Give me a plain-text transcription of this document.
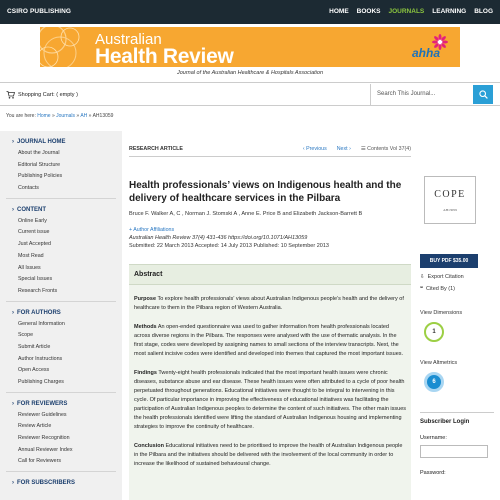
CSIRO PUBLISHING	HOME BOOKS JOURNALS LEARNING BLOG
Australian
Health Review	ahha
Journal of the Australian Healthcare & Hospitals Association
Shopping Cart: ( empty )	Search This Journal...
You are here: Home » Journals » AH » AH13059
› JOURNAL HOME
About the Journal
Editorial Structure
Publishing Policies
Contacts
› CONTENT
Online Early
Current issue
Just Accepted
Most Read
All Issues
Special Issues
Research Fronts
› FOR AUTHORS
General Information
Scope
Submit Article
Author Instructions
Open Access
Publishing Charges
› FOR REVIEWERS
Reviewer Guidelines
Review Article
Reviewer Recognition
Annual Reviewer Index
Call for Reviewers
› FOR SUBSCRIBERS
RESEARCH ARTICLE	‹ Previous Next › ☰ Contents Vol 37(4)
Health professionals’ views on Indigenous health and the delivery of healthcare services in the Pilbara
Bruce F. Walker A, C , Norman J. Stomski A , Anne E. Price B and Elizabeth Jackson-Barrett B
+ Author Affiliations
Australian Health Review 37(4) 431-436 https://doi.org/10.1071/AH13059
Submitted: 22 March 2013 Accepted: 14 July 2013 Published: 10 September 2013
Abstract

Purpose To explore health professionals’ views about Australian Indigenous people’s health and the delivery of healthcare to them in the Pilbara region of Western Australia.

Methods An open-ended questionnaire was used to gather information from health professionals located across diverse regions in the Pilbara. The responses were analysed with the use of thematic analysis. In the first stage, codes were developed by assigning names to small sections of the interview transcripts. Next, the most salient incisive codes were identified and developed into themes that captured the most important issues.

Findings Twenty-eight health professionals indicated that the most important health issues were chronic diseases, substance abuse and ear disease. These health issues were often attributed to a cycle of poor health perpetuated throughout generations. Educational initiatives were thought to be integral to intervening in this cycle. Of particular importance in improving the effectiveness of educational initiatives was facilitating the participation of Australian Indigenous peoples to determine the content of such initiatives. The other main issues the health professionals identified were lifting the standard of Australian Indigenous housing and implementing strategies to improve the continuity of healthcare.

Conclusion Educational initiatives need to be prioritised to improve the health of Australian Indigenous people in the Pilbara and the initiatives should be delivered with the involvement of the local community in order to increase the likelihood of sustained behavioural change.

COPE
AH13059
BUY PDF $35.00
⇩ Export Citation
❝ Cited By (1)
View Dimensions
1
View Altmetrics
6
Subscriber Login
Username:
Password:
